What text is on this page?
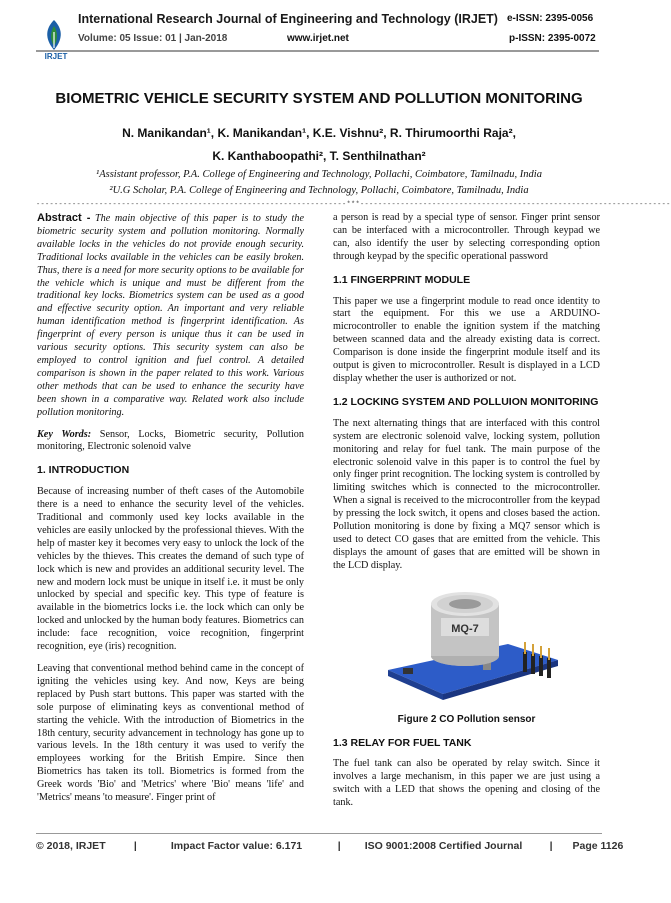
IRJET
International Research Journal of Engineering and Technology (IRJET) e-ISSN: 2395-0056
Volume: 05 Issue: 01 | Jan-2018	www.irjet.net	p-ISSN: 2395-0072
BIOMETRIC VEHICLE SECURITY SYSTEM AND POLLUTION MONITORING
N. Manikandan¹, K. Manikandan¹, K.E. Vishnu², R. Thirumoorthi Raja²,
K. Kanthaboopathi², T. Senthilnathan²
¹Assistant professor, P.A. College of Engineering and Technology, Pollachi, Coimbatore, Tamilnadu, India
²U.G Scholar, P.A. College of Engineering and Technology, Pollachi, Coimbatore, Tamilnadu, India
---------------------------------------------------------------------***---------------------------------------------------------------------

Abstract - The main objective of this paper is to study the biometric security system and pollution monitoring. Normally available locks in the vehicles do not provide enough security. Traditional locks available in the vehicles can be easily broken. Thus, there is a need for more security options to be available for the vehicle which is unique and must be different from the traditional key locks. Biometrics system can be used as a good and effective security option. An important and very reliable human identification method is fingerprint identification. As fingerprint of every person is unique thus it can be used in various security options. This security system can also be employed to control ignition and fuel control. A detailed comparison is shown in the paper related to this work. Various other methods that can be used to enhance the security have been shown in a comparative way. Related work also include pollution monitoring.

Key Words: Sensor, Locks, Biometric security, Pollution monitoring, Electronic solenoid valve

1. INTRODUCTION

Because of increasing number of theft cases of the Automobile there is a need to enhance the security level of the vehicles. Traditional and commonly used key locks available in the vehicles are easily unlocked by the professional thieves. With the help of master key it becomes very easy to unlock the lock of the vehicles by the thieves. This creates the demand of such type of lock which is new and provides an additional security level. The new and modern lock must be unique in itself i.e. it must be only unlocked by special and specific key. This type of feature is available in the biometrics locks i.e. the lock which can only be locked and unlocked by the human body features. Biometrics can include: face recognition, voice recognition, fingerprint recognition, eye (iris) recognition.

Leaving that conventional method behind came in the concept of igniting the vehicles using key. And now, Keys are being replaced by Push start buttons. This paper was started with the sole purpose of eliminating keys as conventional method of starting the vehicle. With the introduction of Biometrics in the 18th century, security advancement in technology has gone up to various levels. In the 18th century it was used to verify the employees working for the British Empire. Since then Biometrics has taken its toll. Biometrics is formed from the Greek words 'Bio' and 'Metrics' where 'Bio' means 'life' and 'Metrics' means 'to measure'. Finger print of

a person is read by a special type of sensor. Finger print sensor can be interfaced with a microcontroller. Through keypad we can, also identify the user by selecting corresponding option through keypad by the specific operational password

1.1 FINGERPRINT MODULE

This paper we use a fingerprint module to read once identity to start the equipment. For this we use a ARDUINO-microcontroller to enable the ignition system if the matching between scanned data and the already existing data is correct. Comparison is done inside the fingerprint module itself and its output is given to microcontroller. Result is displayed in a LCD display whether the user is authorized or not.

1.2 LOCKING SYSTEM AND POLLUION MONITORING

The next alternating things that are interfaced with this control system are electronic solenoid valve, locking system, pollution monitoring and relay for fuel tank. The main purpose of the electronic solenoid valve in this paper is to control the fuel by only finger print recognition. The locking system is controlled by limiting switches which is connected to the microcontroller. When a signal is received to the microcontroller from the keypad by pressing the lock switch, it opens and closes based the action. Pollution monitoring is done by fixing a MQ7 sensor which is used to detect CO gases that are emitted from the vehicle. This displays the amount of gases that are emitted will be shown in the LCD display.

MQ-7

Figure 2 CO Pollution sensor

1.3 RELAY FOR FUEL TANK

The fuel tank can also be operated by relay switch. Since it involves a large mechanism, in this paper we are just using a switch with a LED that shows the opening and closing of the tank.

© 2018, IRJET	|	Impact Factor value: 6.171	| ISO 9001:2008 Certified Journal	| Page 1126
